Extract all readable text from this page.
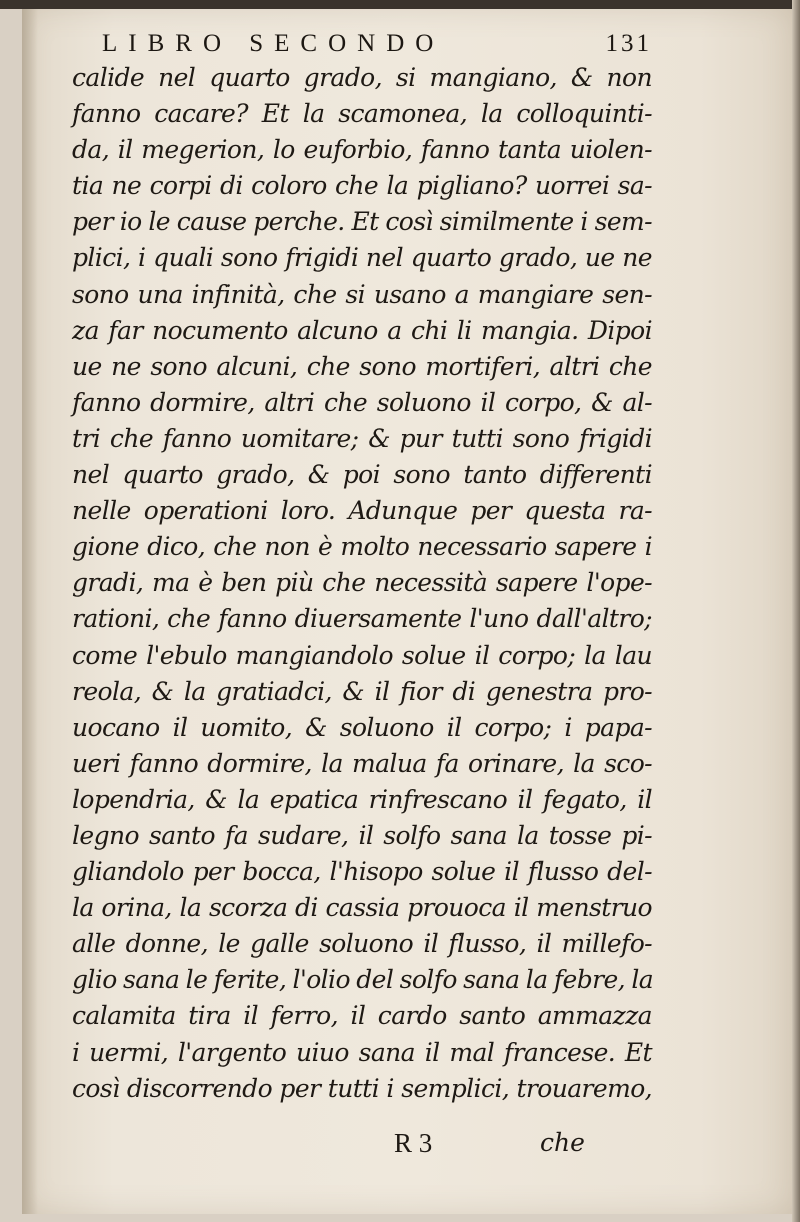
LIBRO SECONDO	131
calide nel quarto grado, si mangiano, & non
fanno cacare? Et la scamonea, la colloquinti-
da, il megerion, lo euforbio, fanno tanta uiolen-
tia ne corpi di coloro che la pigliano? uorrei sa-
per io le cause perche. Et così similmente i sem-
plici, i quali sono frigidi nel quarto grado, ue ne
sono una infinità, che si usano a mangiare sen-
za far nocumento alcuno a chi li mangia. Dipoi
ue ne sono alcuni, che sono mortiferi, altri che
fanno dormire, altri che soluono il corpo, & al-
tri che fanno uomitare; & pur tutti sono frigidi
nel quarto grado, & poi sono tanto differenti
nelle operationi loro. Adunque per questa ra-
gione dico, che non è molto necessario sapere i
gradi, ma è ben più che necessità sapere l'ope-
rationi, che fanno diuersamente l'uno dall'altro;
come l'ebulo mangiandolo solue il corpo; la lau
reola, & la gratiadci, & il fior di genestra pro-
uocano il uomito, & soluono il corpo; i papa-
ueri fanno dormire, la malua fa orinare, la sco-
lopendria, & la epatica rinfrescano il fegato, il
legno santo fa sudare, il solfo sana la tosse pi-
gliandolo per bocca, l'hisopo solue il flusso del-
la orina, la scorza di cassia prouoca il menstruo
alle donne, le galle soluono il flusso, il millefo-
glio sana le ferite, l'olio del solfo sana la febre, la
calamita tira il ferro, il cardo santo ammazza
i uermi, l'argento uiuo sana il mal francese. Et
così discorrendo per tutti i semplici, trouaremo,
R 3	che
